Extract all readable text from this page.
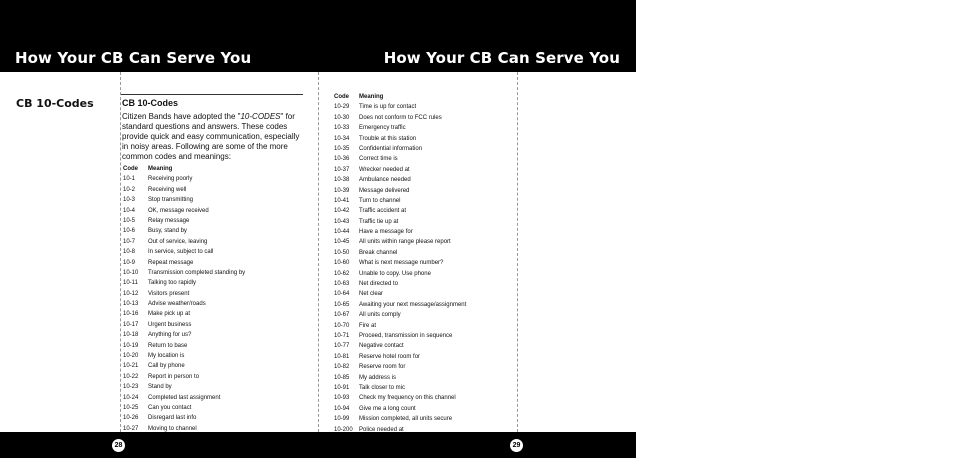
How Your CB Can Serve You	How Your CB Can Serve You
CB 10-Codes	CB 10-Codes
Citizen Bands have adopted the "10-CODES" for standard questions and answers. These codes provide quick and easy communication, especially in noisy areas. Following are some of the more common codes and meanings:
Code Meaning
10-1 Receiving poorly
10-2 Receiving well
10-3 Stop transmitting
10-4 OK, message received
10-5 Relay message
10-6 Busy, stand by
10-7 Out of service, leaving
10-8 In service, subject to call
10-9 Repeat message
10-10 Transmission completed standing by
10-11 Talking too rapidly
10-12 Visitors present
10-13 Advise weather/roads
10-16 Make pick up at
10-17 Urgent business
10-18 Anything for us?
10-19 Return to base
10-20 My location is
10-21 Call by phone
10-22 Report in person to
10-23 Stand by
10-24 Completed last assignment
10-25 Can you contact
10-26 Disregard last info
10-27 Moving to channel
Code Meaning
10-29 Time is up for contact
10-30 Does not conform to FCC rules
10-33 Emergency traffic
10-34 Trouble at this station
10-35 Confidential information
10-36 Correct time is
10-37 Wrecker needed at
10-38 Ambulance needed
10-39 Message delivered
10-41 Turn to channel
10-42 Traffic accident at
10-43 Traffic tie up at
10-44 Have a message for
10-45 All units within range please report
10-50 Break channel
10-60 What is next message number?
10-62 Unable to copy. Use phone
10-63 Net directed to
10-64 Net clear
10-65 Awaiting your next message/assignment
10-67 All units comply
10-70 Fire at
10-71 Proceed, transmission in sequence
10-77 Negative contact
10-81 Reserve hotel room for
10-82 Reserve room for
10-85 My address is
10-91 Talk closer to mic
10-93 Check my frequency on this channel
10-94 Give me a long count
10-99 Mission completed, all units secure
10-200 Police needed at
28	29
